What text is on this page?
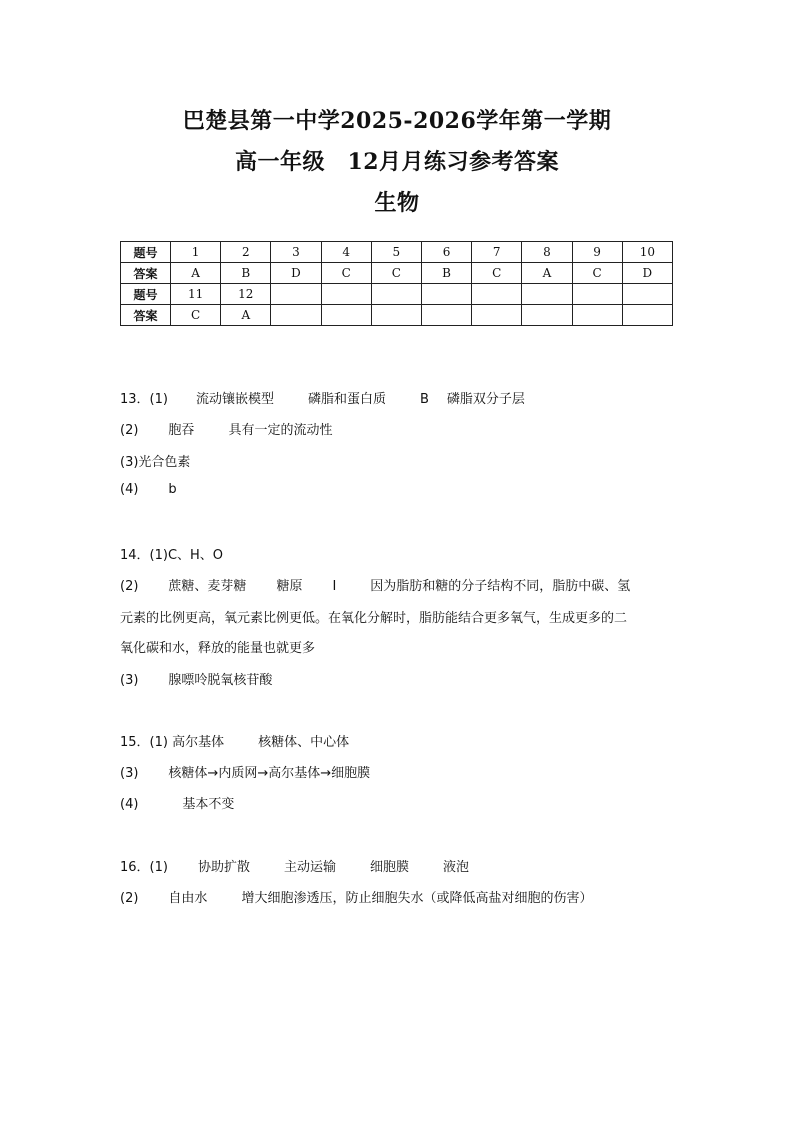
巴楚县第一中学2025-2026学年第一学期
高一年级　12月月练习参考答案
生物
题号	1	2	3	4	5	6	7	8	9	10
答案	A	B	D	C	C	B	C	A	C	D
题号	11	12								
答案	C	A								
13．(1) 流动镶嵌模型	磷脂和蛋白质	B 磷脂双分子层
(2) 胞吞	具有一定的流动性
(3)光合色素
(4) b
14．(1)C、H、O
(2) 蔗糖、麦芽糖 糖原 I	因为脂肪和糖的分子结构不同，脂肪中碳、氢
元素的比例更高，氧元素比例更低。在氧化分解时，脂肪能结合更多氧气，生成更多的二
氧化碳和水，释放的能量也就更多
(3) 腺嘌呤脱氧核苷酸
15．(1) 高尔基体	核糖体、中心体
(3) 核糖体→内质网→高尔基体→细胞膜
(4)	基本不变
16．(1) 协助扩散	主动运输	细胞膜	液泡
(2) 自由水	增大细胞渗透压，防止细胞失水（或降低高盐对细胞的伤害）
